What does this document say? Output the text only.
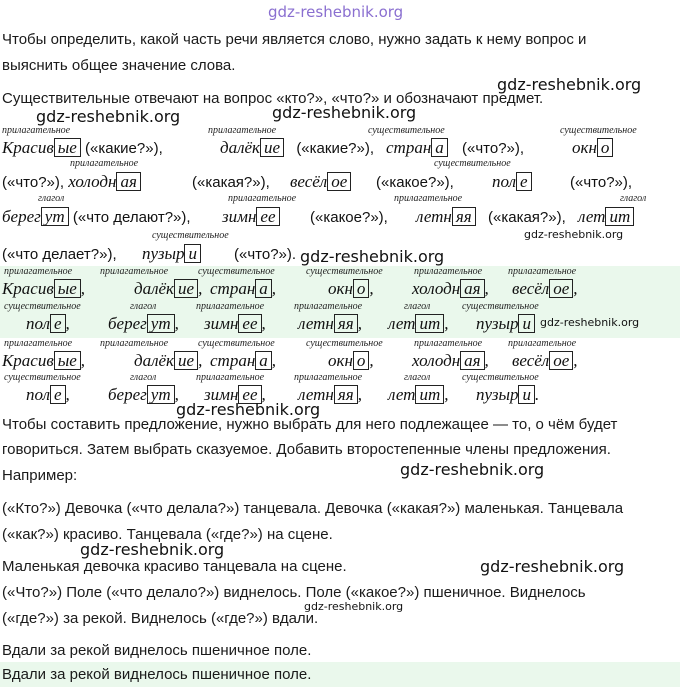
gdz-reshebnik.org
Чтобы определить, какой часть речи является слово, нужно задать к нему вопрос и
выяснить общее значение слова.
gdz-reshebnik.org
Существительные отвечают на вопрос «кто?», «что?» и обозначают предмет.
gdz-reshebnik.org	gdz-reshebnik.org
прилагательное	прилагательное	существительное	существительное
Красив ые («какие?»),	далёк ие («какие?»), стран а («что?»),	окн о
прилагательное	существительное
(«что?»), холодн ая	(«какая?»), весёл ое («какое?»), пол е	(«что?»),
глагол	прилагательное	прилагательное	глагол
берег ут («что делают?»), зимн ее («какое?»), летн яя («какая?»), лет ит
gdz-reshebnik.org
существительное
(«что делает?»), пузыр и («что?»). gdz-reshebnik.org
прилагательное	прилагательное	существительное	существительное	прилагательное	прилагательное
Красив ые ,	далёк ие , стран а ,	окн о , холодн ая , весёл ое ,
существительное	глагол	прилагательное	прилагательное	глагол	существительное
пол е , берег ут , зимн ее , летн яя , лет ит , пузыр и gdz-reshebnik.org
прилагательное	прилагательное	существительное	существительное	прилагательное	прилагательное
Красив ые ,	далёк ие , стран а ,	окн о , холодн ая , весёл ое ,
существительное	глагол	прилагательное	прилагательное	глагол	существительное
пол е , берег ут , зимн ее , летн яя , лет ит , пузыр и .
gdz-reshebnik.org
Чтобы составить предложение, нужно выбрать для него подлежащее — то, о чём будет
говориться. Затем выбрать сказуемое. Добавить второстепенные члены предложения.
Например:	gdz-reshebnik.org
(«Кто?») Девочка («что делала?») танцевала. Девочка («какая?») маленькая. Танцевала
(«как?») красиво. Танцевала («где?») на сцене.
gdz-reshebnik.org
Маленькая девочка красиво танцевала на сцене.	gdz-reshebnik.org
(«Что?») Поле («что делало?») виднелось. Поле («какое?») пшеничное. Виднелось
gdz-reshebnik.org
(«где?») за рекой. Виднелось («где?») вдали.
Вдали за рекой виднелось пшеничное поле.
Вдали за рекой виднелось пшеничное поле.
